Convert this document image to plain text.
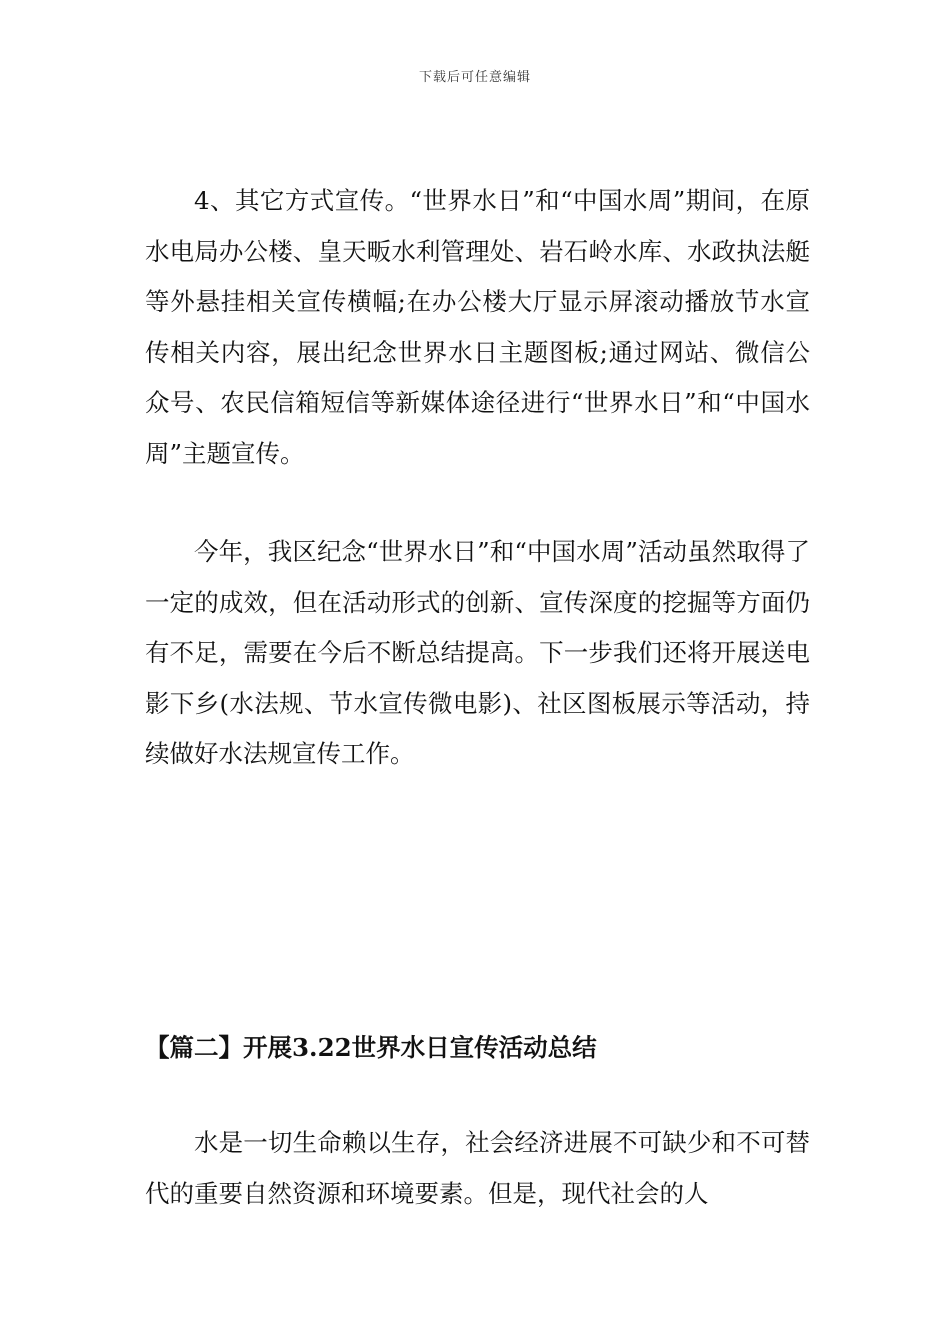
下载后可任意编辑

4、其它方式宣传。“世界水日”和“中国水周”期间，在原水电局办公楼、皇天畈水利管理处、岩石岭水库、水政执法艇等外悬挂相关宣传横幅;在办公楼大厅显示屏滚动播放节水宣传相关内容，展出纪念世界水日主题图板;通过网站、微信公众号、农民信箱短信等新媒体途径进行“世界水日”和“中国水周”主题宣传。

今年，我区纪念“世界水日”和“中国水周”活动虽然取得了一定的成效，但在活动形式的创新、宣传深度的挖掘等方面仍有不足，需要在今后不断总结提高。下一步我们还将开展送电影下乡(水法规、节水宣传微电影)、社区图板展示等活动，持续做好水法规宣传工作。

【篇二】开展3.22世界水日宣传活动总结

水是一切生命赖以生存，社会经济进展不可缺少和不可替代的重要自然资源和环境要素。但是，现代社会的人
